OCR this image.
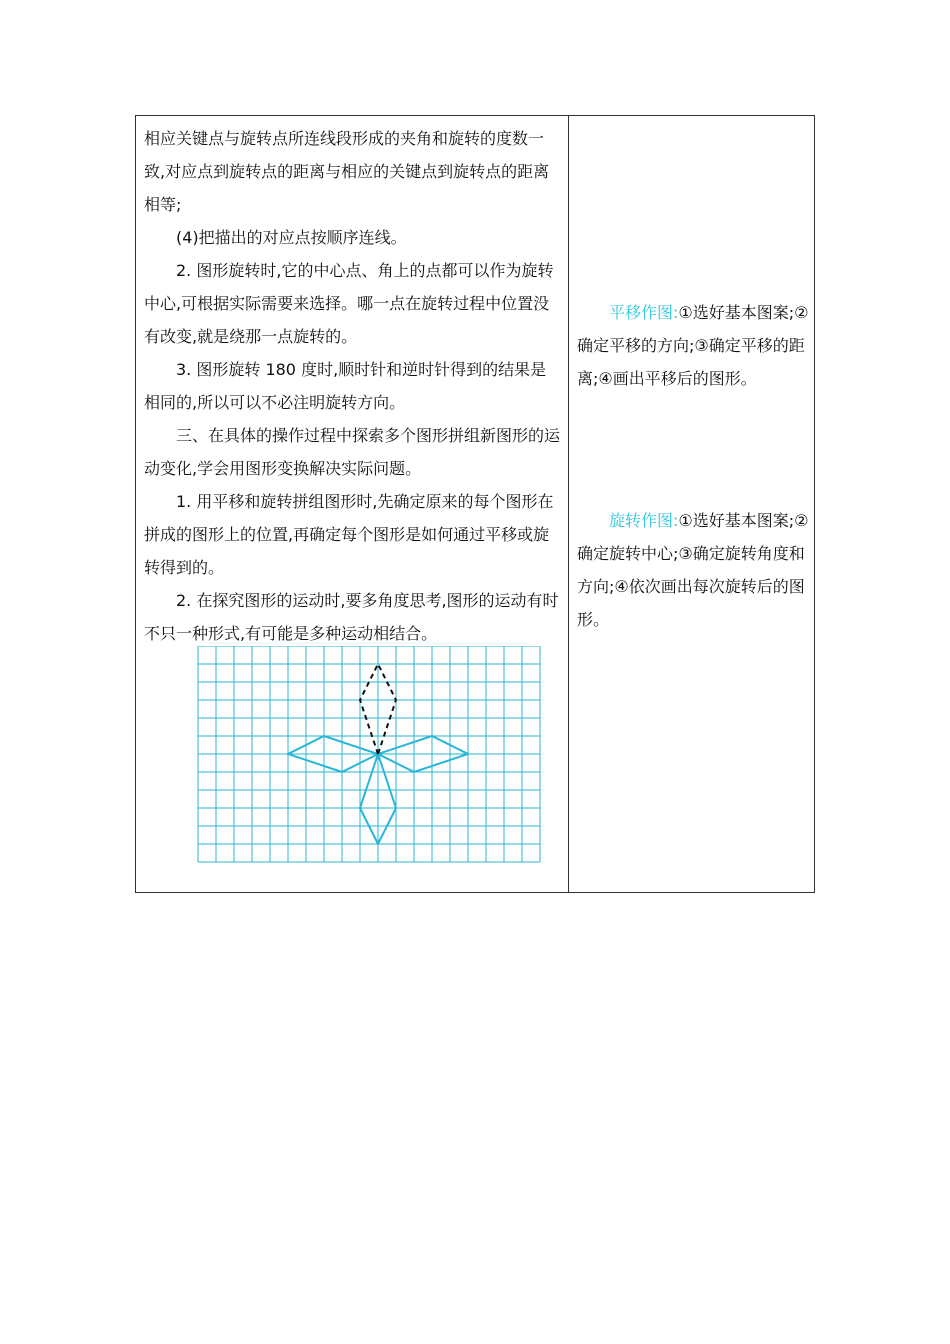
相应关键点与旋转点所连线段形成的夹角和旋转的度数一致,对应点到旋转点的距离与相应的关键点到旋转点的距离相等;

(4)把描出的对应点按顺序连线。

2. 图形旋转时,它的中心点、角上的点都可以作为旋转中心,可根据实际需要来选择。哪一点在旋转过程中位置没有改变,就是绕那一点旋转的。

3. 图形旋转 180 度时,顺时针和逆时针得到的结果是相同的,所以可以不必注明旋转方向。

三、在具体的操作过程中探索多个图形拼组新图形的运动变化,学会用图形变换解决实际问题。

1. 用平移和旋转拼组图形时,先确定原来的每个图形在拼成的图形上的位置,再确定每个图形是如何通过平移或旋转得到的。

2. 在探究图形的运动时,要多角度思考,图形的运动有时不只一种形式,有可能是多种运动相结合。

平移作图:①选好基本图案;②确定平移的方向;③确定平移的距离;④画出平移后的图形。

旋转作图:①选好基本图案;②确定旋转中心;③确定旋转角度和方向;④依次画出每次旋转后的图形。
